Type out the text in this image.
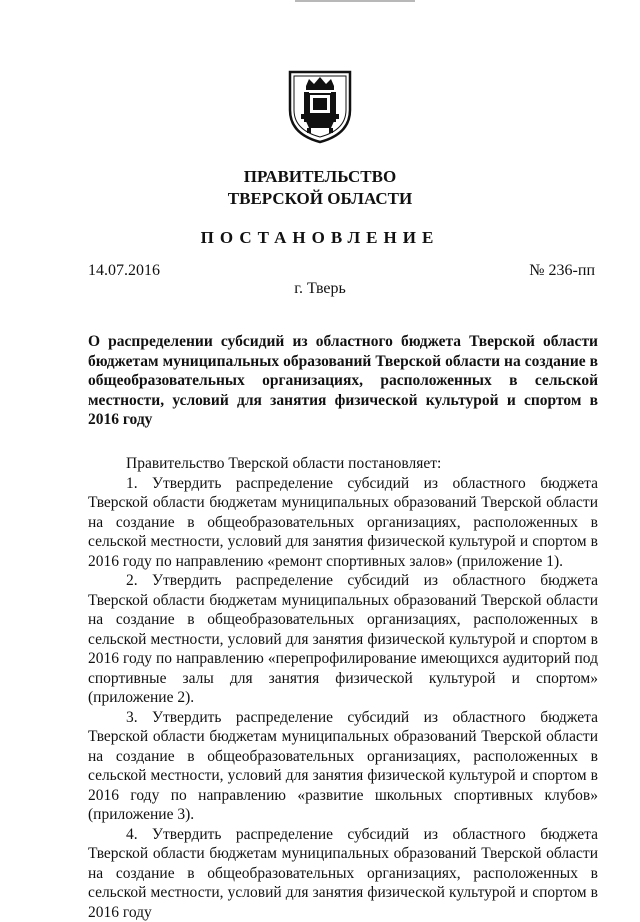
ПРАВИТЕЛЬСТВО
ТВЕРСКОЙ ОБЛАСТИ
ПОСТАНОВЛЕНИЕ
14.07.2016	№ 236-пп
г. Тверь
О распределении субсидий из областного бюджета Тверской области бюджетам муниципальных образований Тверской области на создание в общеобразовательных организациях, расположенных в сельской местности, условий для занятия физической культурой и спортом в 2016 году

Правительство Тверской области постановляет:

1. Утвердить распределение субсидий из областного бюджета Тверской области бюджетам муниципальных образований Тверской области на создание в общеобразовательных организациях, расположенных в сельской местности, условий для занятия физической культурой и спортом в 2016 году по направлению «ремонт спортивных залов» (приложение 1).

2. Утвердить распределение субсидий из областного бюджета Тверской области бюджетам муниципальных образований Тверской области на создание в общеобразовательных организациях, расположенных в сельской местности, условий для занятия физической культурой и спортом в 2016 году по направлению «перепрофилирование имеющихся аудиторий под спортивные залы для занятия физической культурой и спортом» (приложение 2).

3. Утвердить распределение субсидий из областного бюджета Тверской области бюджетам муниципальных образований Тверской области на создание в общеобразовательных организациях, расположенных в сельской местности, условий для занятия физической культурой и спортом в 2016 году по направлению «развитие школьных спортивных клубов» (приложение 3).

4. Утвердить распределение субсидий из областного бюджета Тверской области бюджетам муниципальных образований Тверской области на создание в общеобразовательных организациях, расположенных в сельской местности, условий для занятия физической культурой и спортом в 2016 году
